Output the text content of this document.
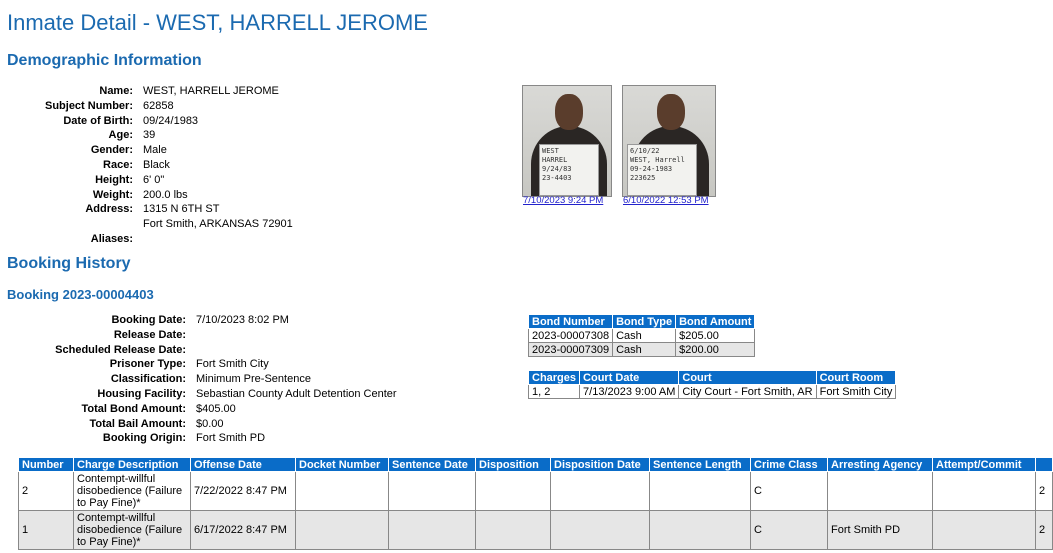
Inmate Detail - WEST, HARRELL JEROME
Demographic Information
Name: WEST, HARRELL JEROME
Subject Number: 62858
Date of Birth: 09/24/1983
Age: 39
Gender: Male
Race: Black
Height: 6' 0"
Weight: 200.0 lbs
Address: 1315 N 6TH ST
Fort Smith, ARKANSAS 72901
Aliases:
WEST
HARREL
9/24/83
23-4403
7/10/2023 9:24 PM
6/10/22
WEST, Harrell
09-24-1983
223625
6/10/2022 12:53 PM
Booking History
Booking 2023-00004403
Booking Date: 7/10/2023 8:02 PM
Release Date:
Scheduled Release Date:
Prisoner Type: Fort Smith City
Classification: Minimum Pre-Sentence
Housing Facility: Sebastian County Adult Detention Center
Total Bond Amount: $405.00
Total Bail Amount: $0.00
Booking Origin: Fort Smith PD
Bond Number	Bond Type	Bond Amount
2023-00007308	Cash	$205.00
2023-00007309	Cash	$200.00
Charges	Court Date	Court	Court Room
1, 2	7/13/2023 9:00 AM	City Court - Fort Smith, AR	Fort Smith City
Number	Charge Description	Offense Date	Docket Number	Sentence Date	Disposition	Disposition Date	Sentence Length	Crime Class	Arresting Agency	Attempt/Commit	
2	Contempt-willful disobedience (Failure to Pay Fine)*	7/22/2022 8:47 PM						C			2
1	Contempt-willful disobedience (Failure to Pay Fine)*	6/17/2022 8:47 PM						C	Fort Smith PD		2
